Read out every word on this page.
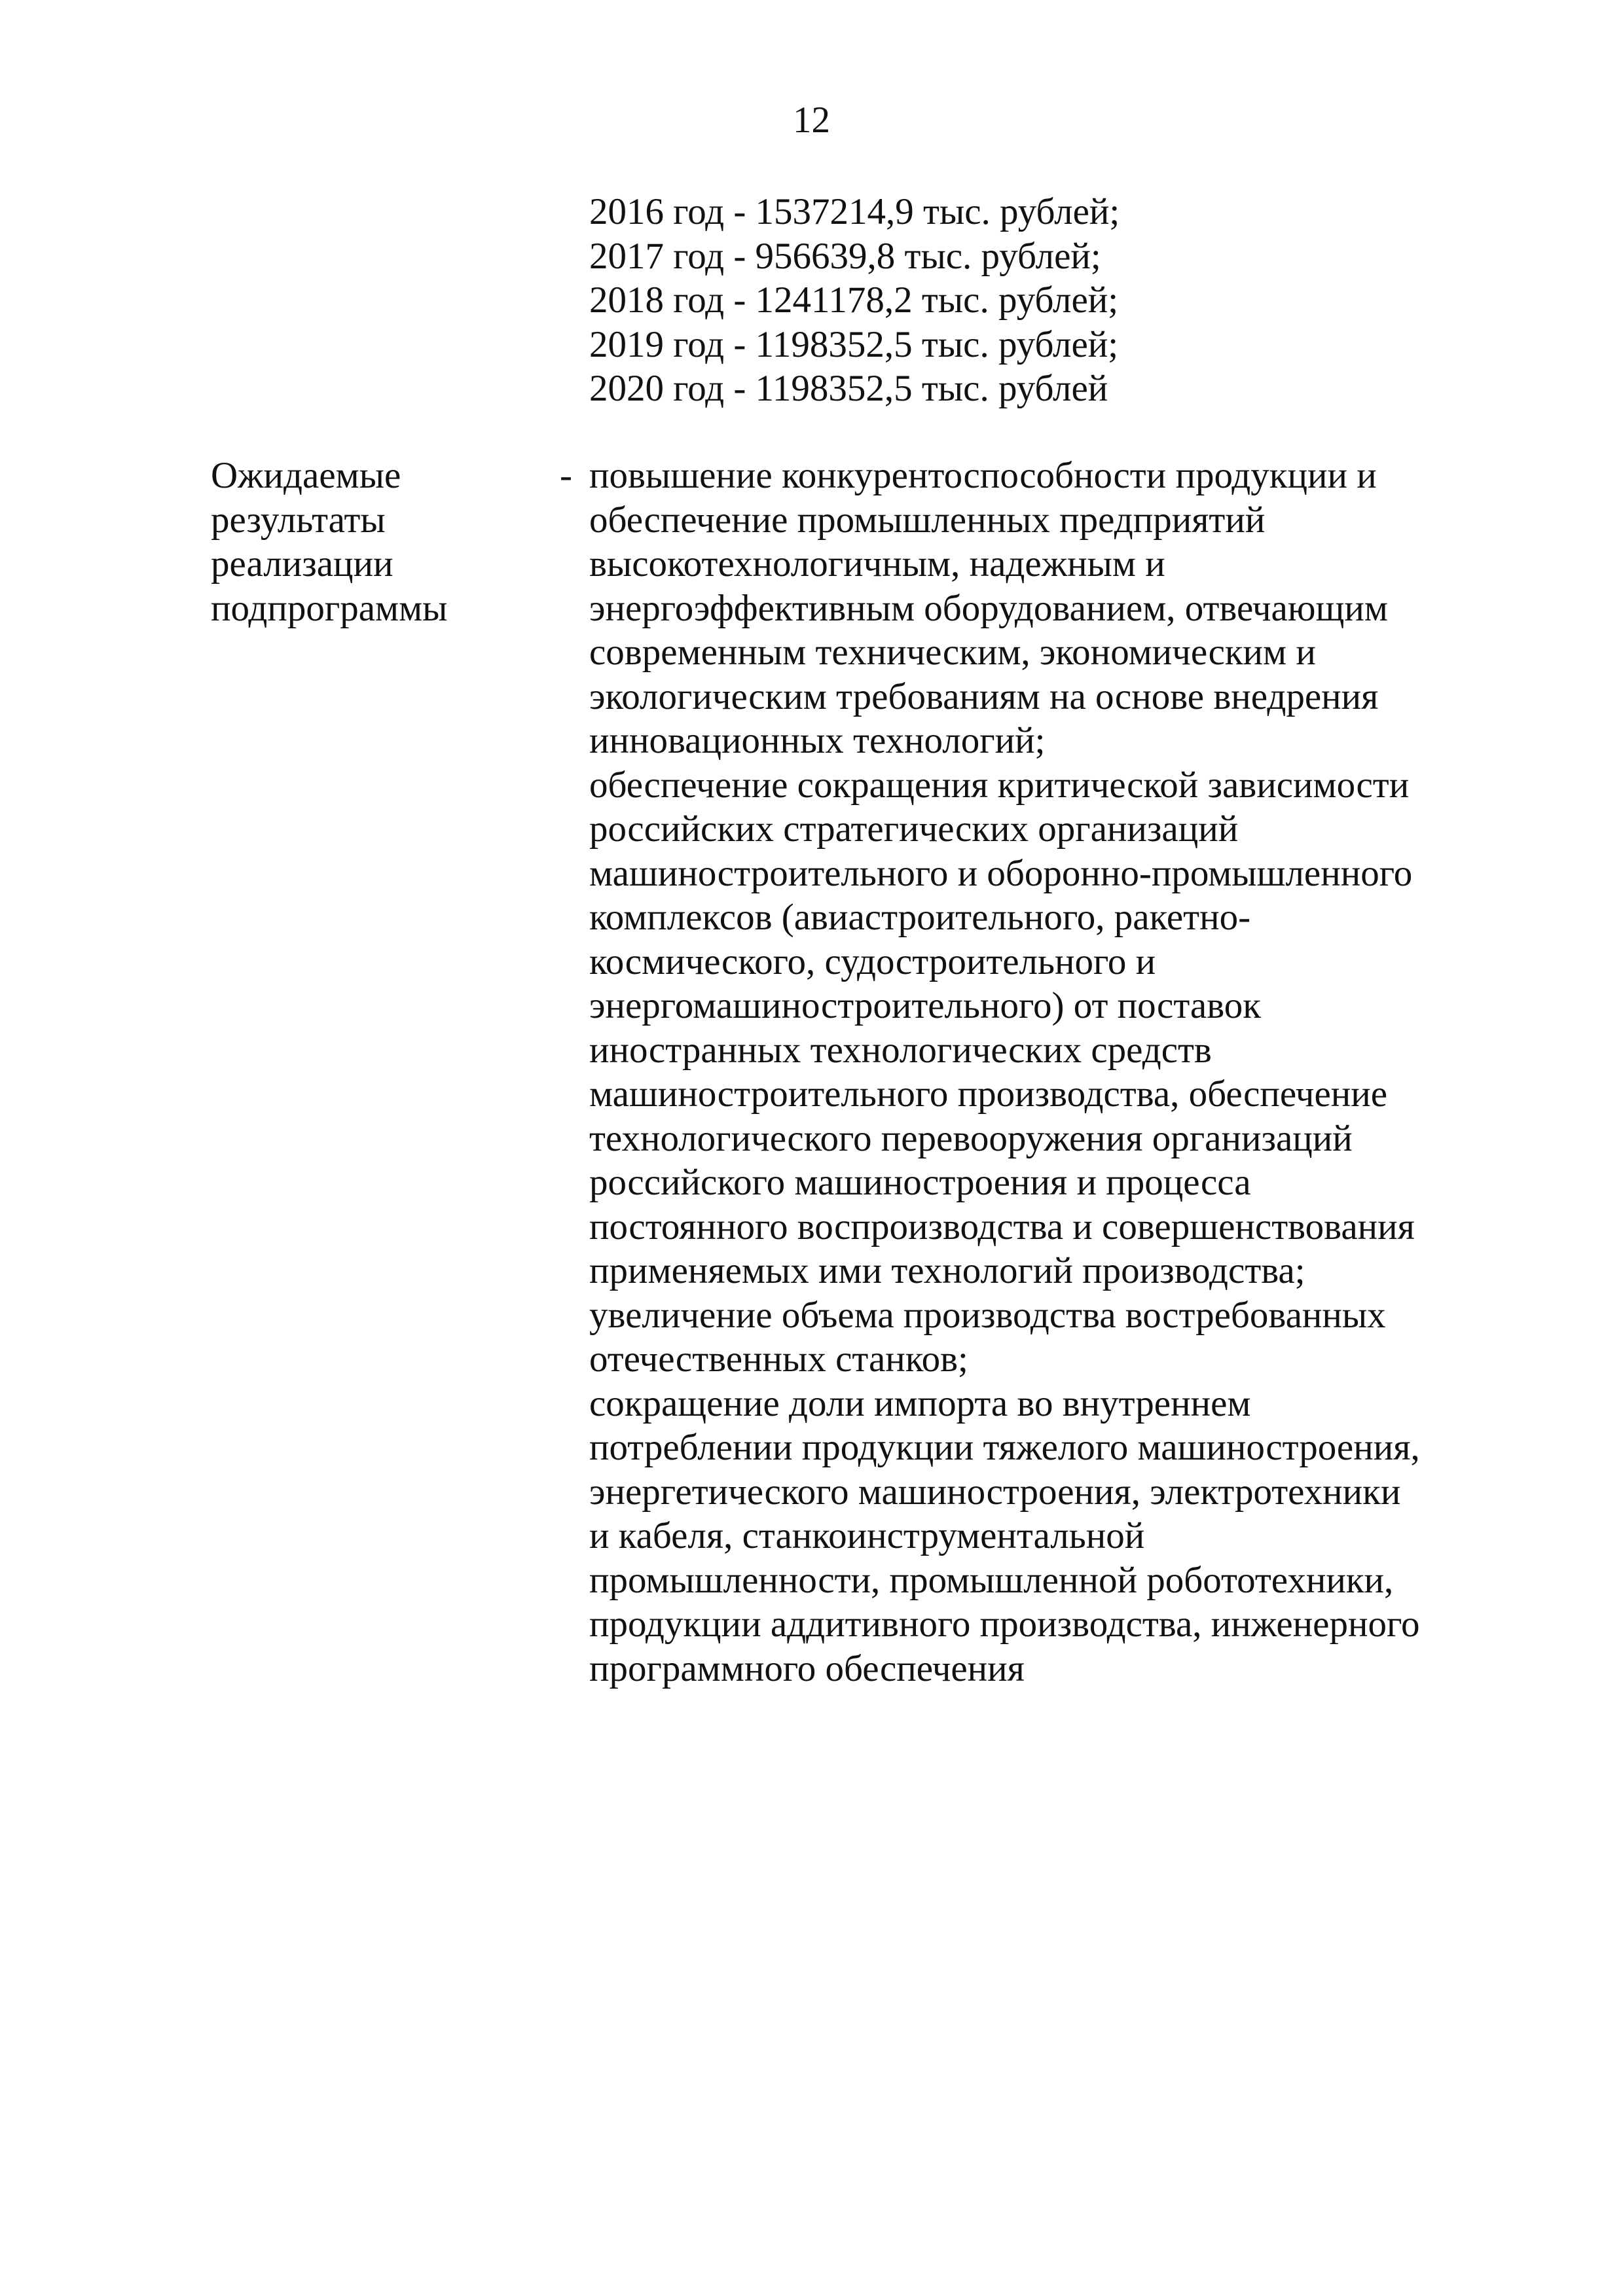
12
2016 год - 1537214,9 тыс. рублей;
2017 год - 956639,8 тыс. рублей;
2018 год - 1241178,2 тыс. рублей;
2019 год - 1198352,5 тыс. рублей;
2020 год - 1198352,5 тыс. рублей
Ожидаемые
результаты
реализации
подпрограммы
- повышение конкурентоспособности продукции и
обеспечение промышленных предприятий
высокотехнологичным, надежным и
энергоэффективным оборудованием, отвечающим
современным техническим, экономическим и
экологическим требованиям на основе внедрения
инновационных технологий;
обеспечение сокращения критической зависимости
российских стратегических организаций
машиностроительного и оборонно-промышленного
комплексов (авиастроительного, ракетно-
космического, судостроительного и
энергомашиностроительного) от поставок
иностранных технологических средств
машиностроительного производства, обеспечение
технологического перевооружения организаций
российского машиностроения и процесса
постоянного воспроизводства и совершенствования
применяемых ими технологий производства;
увеличение объема производства востребованных
отечественных станков;
сокращение доли импорта во внутреннем
потреблении продукции тяжелого машиностроения,
энергетического машиностроения, электротехники
и кабеля, станкоинструментальной
промышленности, промышленной робототехники,
продукции аддитивного производства, инженерного
программного обеспечения
